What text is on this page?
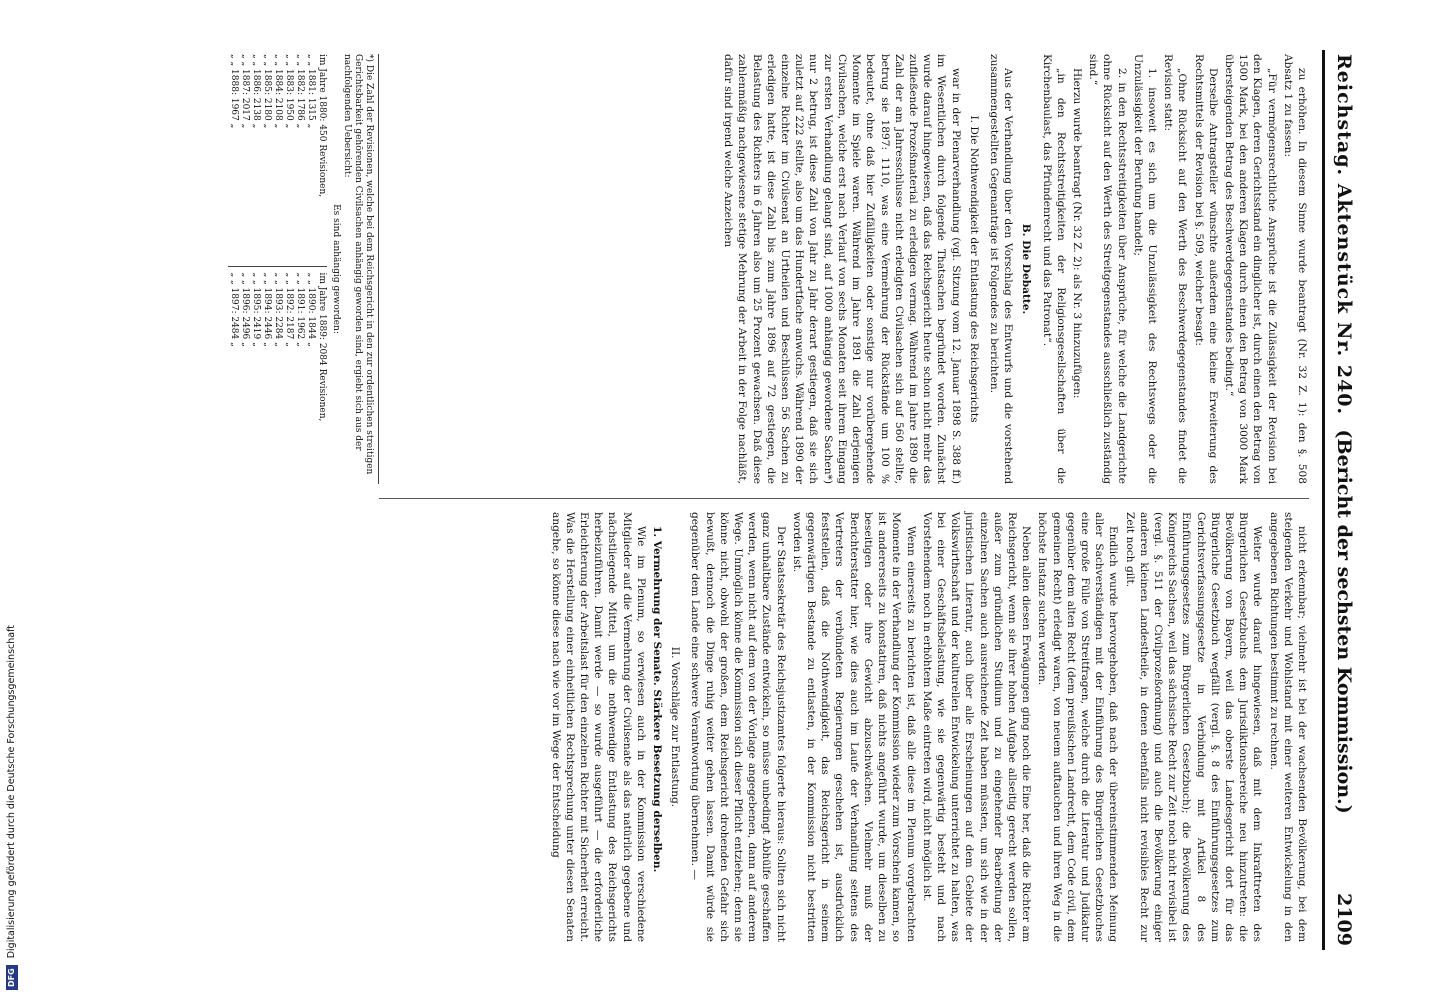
DFG Digitalisierung gefördert durch die Deutsche Forschungsgemeinschaft
Reichstag. Aktenstück Nr. 240.
(Bericht der sechsten Kommission.)            2109

zu erhöhen. In diesem Sinne wurde beantragt (Nr. 32 Z. 1): den §. 508 Absatz 1 zu fassen:

„Für vermögensrechtliche Ansprüche ist die Zulässigkeit der Revision bei den Klagen, deren Gerichtsstand ein dinglicher ist, durch einen den Betrag von 1500 Mark, bei den anderen Klagen durch einen den Betrag von 3000 Mark übersteigenden Betrag des Beschwerdegegenstandes bedingt.“

Derselbe Antragsteller wünschte außerdem eine kleine Erweiterung des Rechtsmittels der Revision bei §. 509, welcher besagt:

„Ohne Rücksicht auf den Werth des Beschwerdegegenstandes findet die Revision statt:

1. insoweit es sich um die Unzulässigkeit des Rechtswegs oder die Unzulässigkeit der Berufung handelt;

2. in den Rechtsstreitigkeiten über Ansprüche, für welche die Landgerichte ohne Rücksicht auf den Werth des Streitgegenstandes ausschließlich zuständig sind.“

Hierzu wurde beantragt (Nr. 32 Z. 2): als Nr. 3 hinzuzufügen:

„in den Rechtsstreitigkeiten der Religionsgesellschaften über die Kirchenbaulast, das Pfründenrecht und das Patronat“.

B. Die Debatte.

Aus der Verhandlung über den Vorschlag des Entwurfs und die vorstehend zusammengestellten Gegenanträge ist Folgendes zu berichten.

I. Die Nothwendigkeit der Entlastung des Reichsgerichts

war in der Plenarverhandlung (vgl. Sitzung vom 12. Januar 1898 S. 388 ff.) im Wesentlichen durch folgende Thatsachen begründet worden. Zunächst wurde darauf hingewiesen, daß das Reichsgericht heute schon nicht mehr das zufließende Prozeßmaterial zu erledigen vermag. Während im Jahre 1890 die Zahl der am Jahresschlusse nicht erledigten Civilsachen sich auf 560 stellte, betrug sie 1897: 1110, was eine Vermehrung der Rückstände um 100 % bedeutet, ohne daß hier Zufälligkeiten oder sonstige nur vorübergehende Momente im Spiele waren. Während im Jahre 1891 die Zahl derjenigen Civilsachen, welche erst nach Verlauf von sechs Monaten seit ihrem Eingang zur ersten Verhandlung gelangt sind, auf 1000 anhängig gewordene Sachen*) nur 2 betrug, ist diese Zahl von Jahr zu Jahr derart gestiegen, daß sie sich zuletzt auf 222 stellte, also um das Hundertfache anwuchs. Während 1890 der einzelne Richter im Civilsenat an Urtheilen und Beschlüssen 56 Sachen zu erledigen hatte, ist diese Zahl bis zum Jahre 1896 auf 72 gestiegen, die Belastung des Richters in 6 Jahren also um 25 Prozent gewachsen. Daß diese zahlenmäßig nachgewiesene stetige Mehrung der Arbeit in der Folge nachläßt, dafür sind irgend welche Anzeichen

nicht erkennbar; vielmehr ist bei der wachsenden Bevölkerung, bei dem steigenden Verkehr und Wohlstand mit einer weiteren Entwickelung in den angegebenen Richtungen bestimmt zu rechnen.

Weiter wurde darauf hingewiesen, daß mit dem Inkrafttreten des Bürgerlichen Gesetzbuchs dem Jurisdiktionsbereiche neu hinzutreten: die Bevölkerung von Bayern, weil das oberste Landesgericht dort für das Bürgerliche Gesetzbuch wegfällt (vergl. §. 8 des Einführungsgesetzes zum Gerichtsverfassungsgesetze in Verbindung mit Artikel 8 des Einführungsgesetzes zum Bürgerlichen Gesetzbuch); die Bevölkerung des Königreichs Sachsen, weil das sächsische Recht zur Zeit noch nicht revisibel ist (vergl. §. 511 der Civilprozeßordnung) und auch die Bevölkerung einiger anderen kleinen Landestheile, in denen ebenfalls nicht revisibles Recht zur Zeit noch gilt.

Endlich wurde hervorgehoben, daß nach der übereinstimmenden Meinung aller Sachverständigen mit der Einführung des Bürgerlichen Gesetzbuches eine große Fülle von Streitfragen, welche durch die Literatur und Judikatur gegenüber dem alten Recht (dem preußischen Landrecht, dem Code civil, dem gemeinen Recht) erledigt waren, von neuem auftauchen und ihren Weg in die höchste Instanz suchen werden.

Neben allen diesen Erwägungen ging noch die Eine her, daß die Richter am Reichsgericht, wenn sie ihrer hohen Aufgabe allseitig gerecht werden sollen, außer zum gründlichen Studium und zu eingehender Bearbeitung der einzelnen Sachen auch ausreichende Zeit haben müssten, um sich wie in der juristischen Literatur, auch über alle Erscheinungen auf dem Gebiete der Volkswirthschaft und der kulturellen Entwickelung unterrichtet zu halten, was bei einer Geschäftsbelastung, wie sie gegenwärtig besteht und nach Vorstehendem noch in erhöhtem Maße eintreten wird, nicht möglich ist.

Wenn einerseits zu berichten ist, daß alle diese im Plenum vorgebrachten Momente in der Verhandlung der Kommission wieder zum Vorschein kamen, so ist andererseits zu konstatiren, daß nichts angeführt wurde, um dieselben zu beseitigen oder ihre Gewicht abzuschwächen. Vielmehr muß der Berichterstatter hier, wie dies auch im Laufe der Verhandlung seitens des Vertreters der verbündeten Regierungen geschehen ist, ausdrücklich feststellen, daß die Nothwendigkeit, das Reichsgericht in seinem gegenwärtigen Bestande zu entlasten, in der Kommission nicht bestritten worden ist.

Der Staatssekretär des Reichsjustizamtes folgerte hieraus: Sollten sich nicht ganz unhaltbare Zustände entwickeln, so müsse unbedingt Abhülfe geschaffen werden, wenn nicht auf dem von der Vorlage angegebenen, dann auf anderem Wege. Unmöglich könne die Kommission sich dieser Pflicht entziehen; denn sie könne nicht, obwohl der großen, dem Reichsgericht drohenden Gefahr sich bewußt, dennoch die Dinge ruhig weiter gehen lassen. Damit würde sie gegenüber dem Lande eine schwere Verantwortung übernehmen. —

II. Vorschläge zur Entlastung.

1. Vermehrung der Senate. Stärkere Besetzung derselben.

Wie im Plenum, so verwiesen auch in der Kommission verschiedene Mitglieder auf die Vermehrung der Civilsenate als das natürlich gegebene und nächstliegende Mittel, um die nothwendige Entlastung des Reichsgerichts herbeizuführen. Damit werde — so wurde ausgeführt — die erforderliche Erleichterung der Arbeitslast für den einzelnen Richter mit Sicherheit erreicht. Was die Herstellung einer einheitlichen Rechtsprechung unter diesen Senaten angehe, so könne diese nach wie vor im Wege der Entscheidung

*) Die Zahl der Revisionen, welche bei dem Reichsgericht in den zur ordentlichen streitigen Gerichtsbarkeit gehörenden Civilsachen anhängig geworden sind, ergiebt sich aus der nachfolgenden Uebersicht:
Es sind anhängig geworden:
im Jahre 1880: 450 Revisionen,
„ „ 1881: 1315 „
„ „ 1882: 1786 „
„ „ 1883: 1950 „
„ „ 1884: 2108 „
„ „ 1885: 2180 „
„ „ 1886: 2138 „
„ „ 1887: 2017 „
„ „ 1888: 1967 „
im Jahre 1889: 2084 Revisionen,
„ „ 1890: 1844 „
„ „ 1891: 1962 „
„ „ 1892: 2187 „
„ „ 1893: 2284 „
„ „ 1894: 2446 „
„ „ 1895: 2419 „
„ „ 1896: 2496 „
„ „ 1897: 2484 „
